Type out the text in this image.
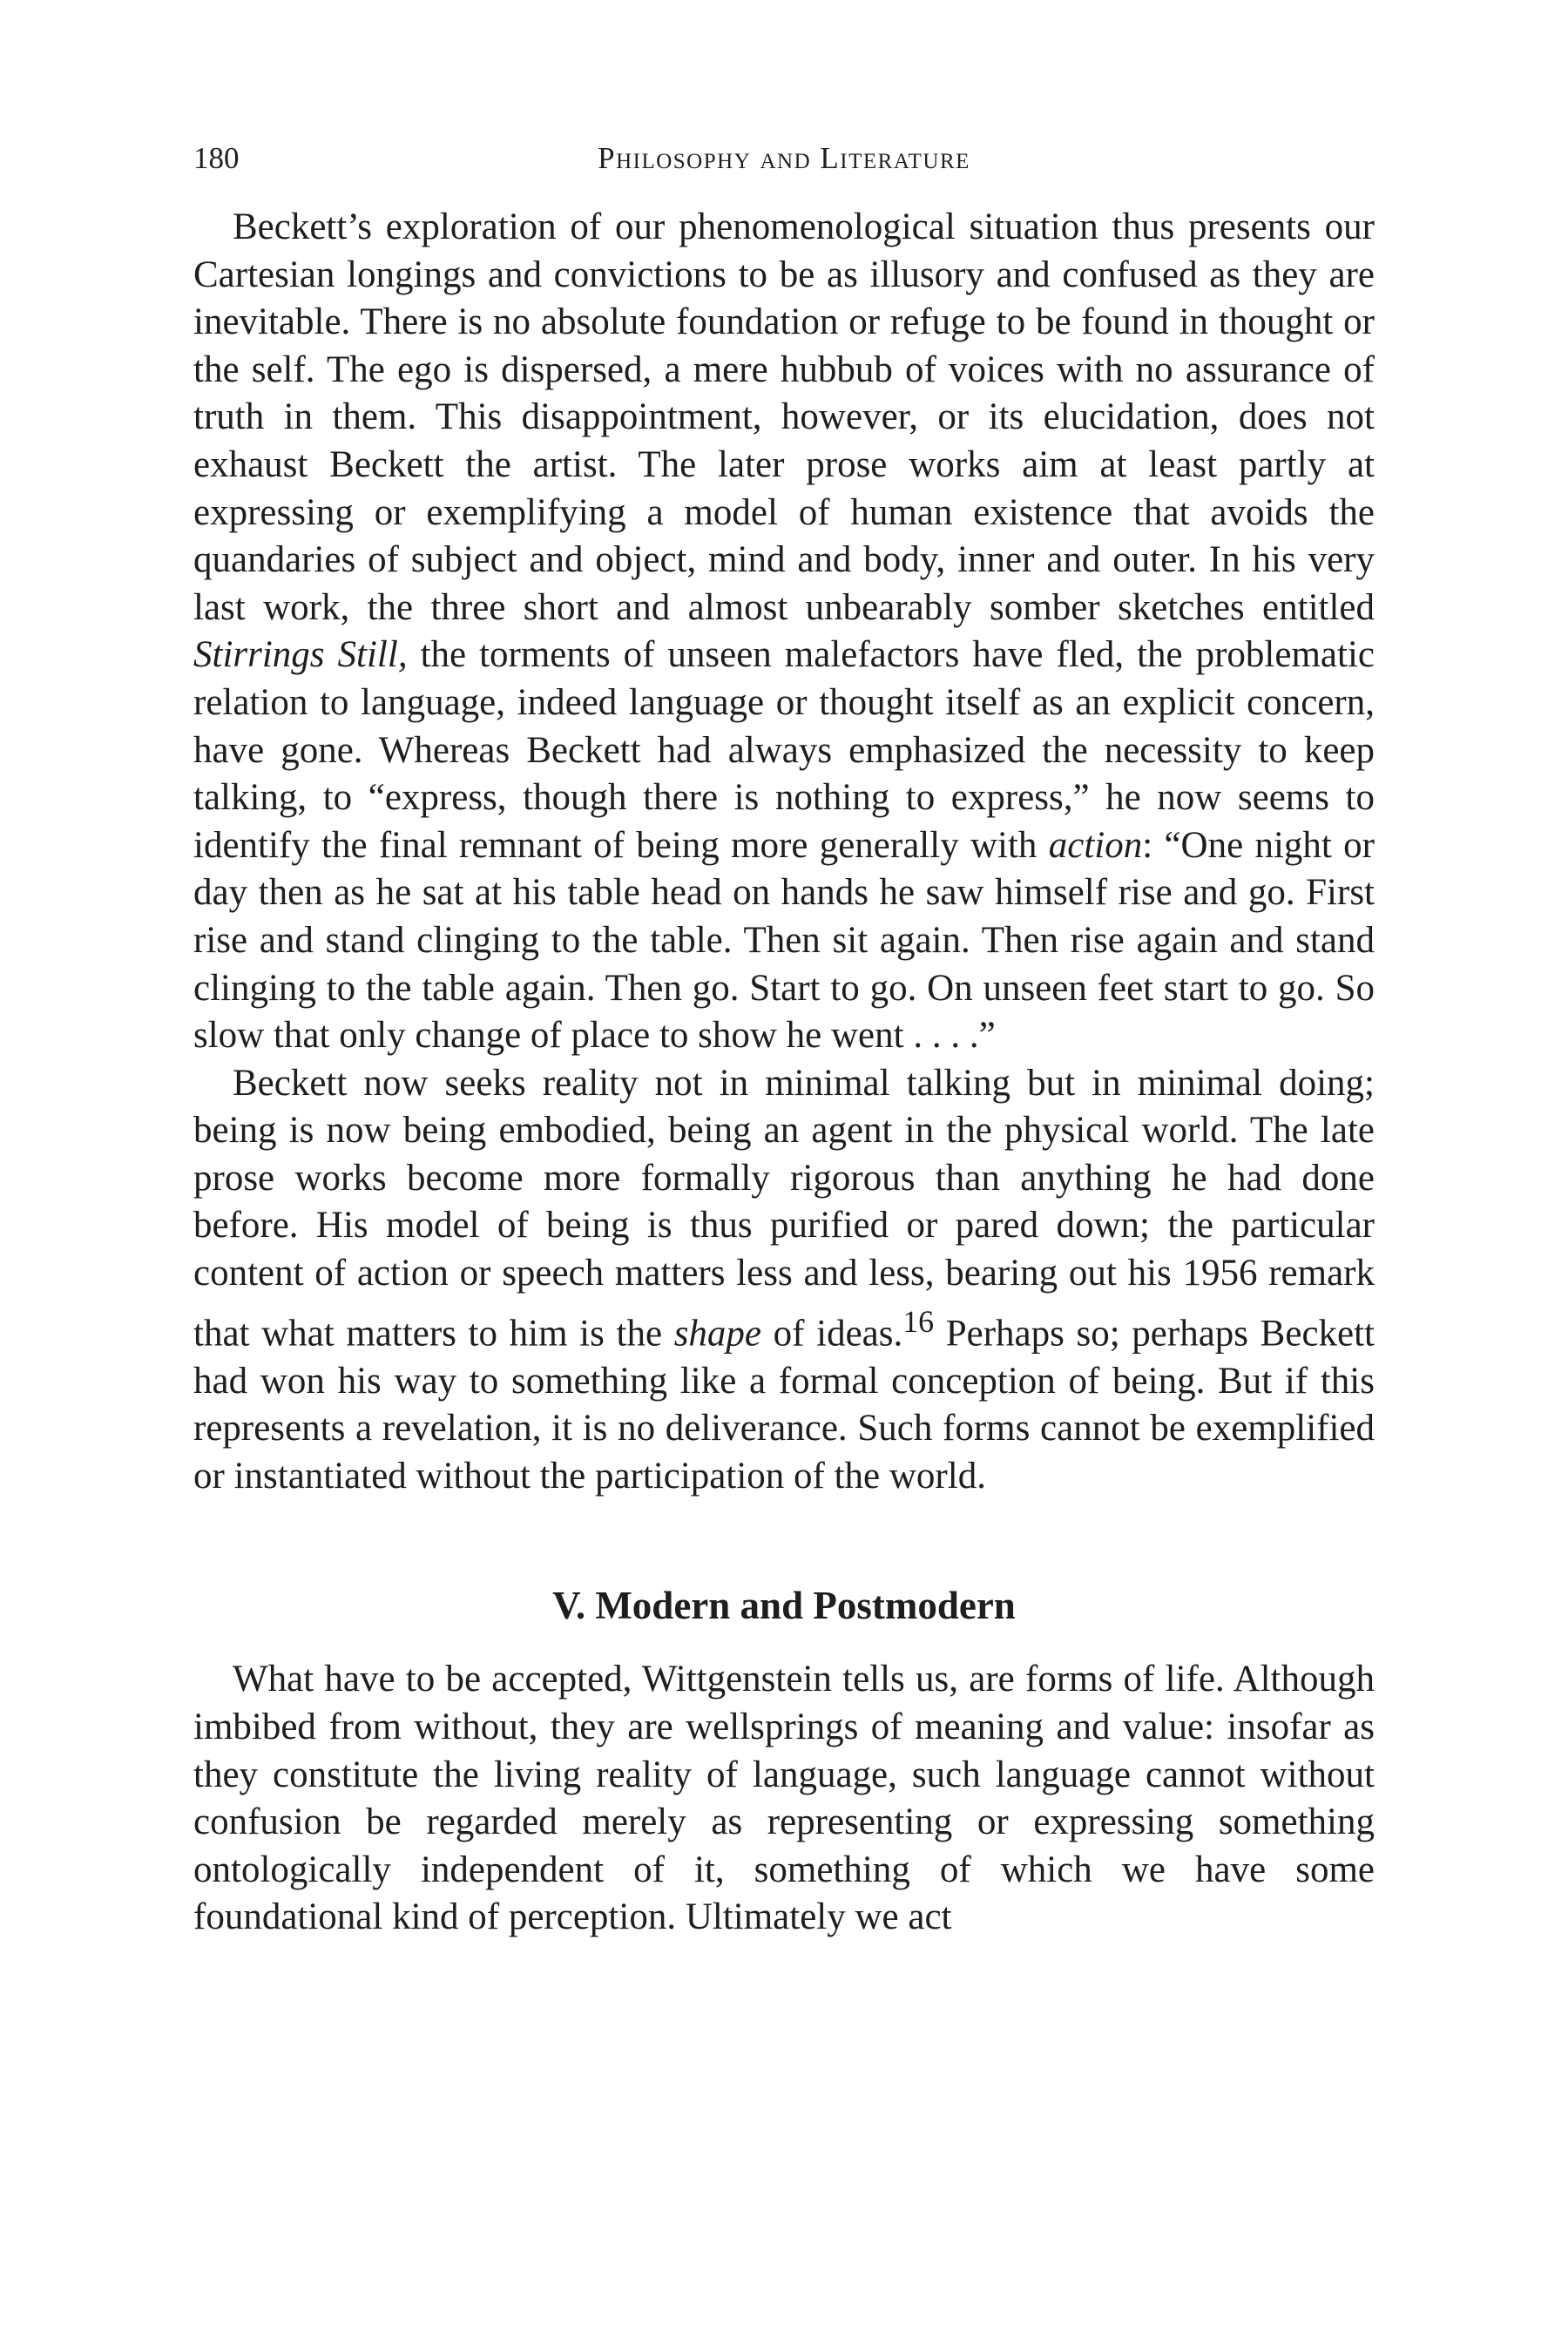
180	Philosophy and Literature

Beckett’s exploration of our phenomenological situation thus presents our Cartesian longings and convictions to be as illusory and confused as they are inevitable. There is no absolute foundation or refuge to be found in thought or the self. The ego is dispersed, a mere hubbub of voices with no assurance of truth in them. This disappointment, however, or its elucidation, does not exhaust Beckett the artist. The later prose works aim at least partly at expressing or exemplifying a model of human existence that avoids the quandaries of subject and object, mind and body, inner and outer. In his very last work, the three short and almost unbearably somber sketches entitled Stirrings Still, the torments of unseen malefactors have fled, the problematic relation to language, indeed language or thought itself as an explicit concern, have gone. Whereas Beckett had always emphasized the necessity to keep talking, to “express, though there is nothing to express,” he now seems to identify the final remnant of being more generally with action: “One night or day then as he sat at his table head on hands he saw himself rise and go. First rise and stand clinging to the table. Then sit again. Then rise again and stand clinging to the table again. Then go. Start to go. On unseen feet start to go. So slow that only change of place to show he went . . . .”

Beckett now seeks reality not in minimal talking but in minimal doing; being is now being embodied, being an agent in the physical world. The late prose works become more formally rigorous than anything he had done before. His model of being is thus purified or pared down; the particular content of action or speech matters less and less, bearing out his 1956 remark that what matters to him is the shape of ideas.$^{16}$ Perhaps so; perhaps Beckett had won his way to something like a formal conception of being. But if this represents a revelation, it is no deliverance. Such forms cannot be exemplified or instantiated without the participation of the world.

V. Modern and Postmodern

What have to be accepted, Wittgenstein tells us, are forms of life. Although imbibed from without, they are wellsprings of meaning and value: insofar as they constitute the living reality of language, such language cannot without confusion be regarded merely as representing or expressing something ontologically independent of it, something of which we have some foundational kind of perception. Ultimately we act
